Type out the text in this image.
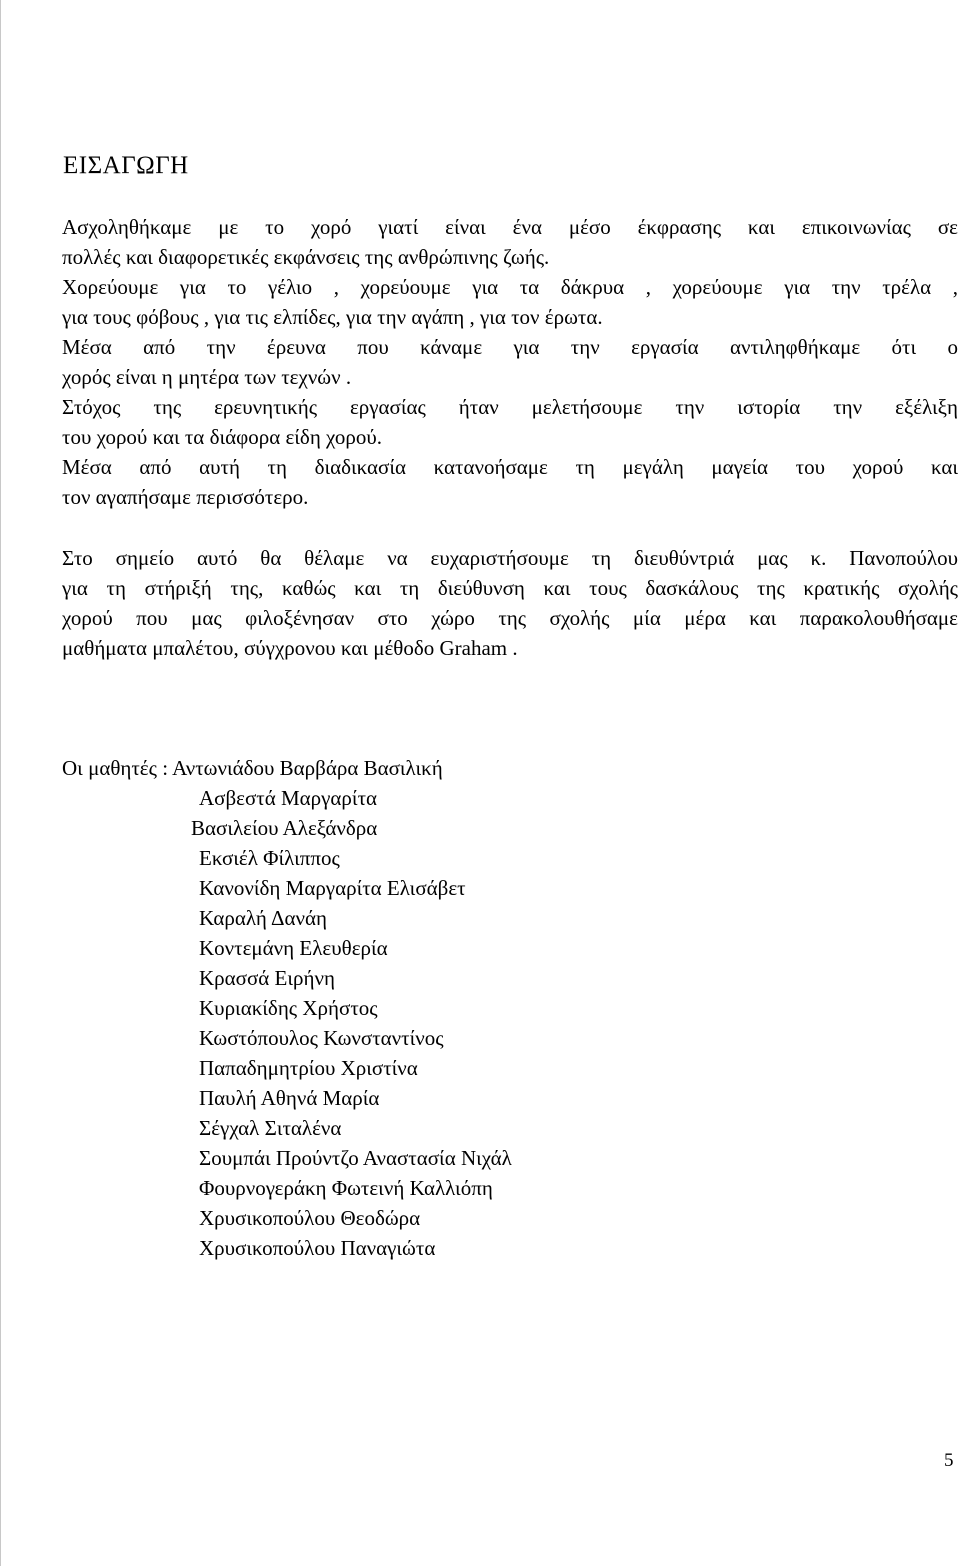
ΕΙΣΑΓΩΓΗ
Ασχοληθήκαμε με το χορό γιατί είναι ένα μέσο έκφρασης και επικοινωνίας σε
πολλές και διαφορετικές εκφάνσεις της ανθρώπινης ζωής.
Χορεύουμε για το γέλιο , χορεύουμε για τα δάκρυα , χορεύουμε για την τρέλα ,
για τους φόβους , για τις ελπίδες, για την αγάπη , για τον έρωτα.
Μέσα από την έρευνα που κάναμε για την εργασία αντιληφθήκαμε ότι ο
χορός είναι η μητέρα των τεχνών .
Στόχος της ερευνητικής εργασίας ήταν μελετήσουμε την ιστορία την εξέλιξη
του χορού και τα διάφορα είδη χορού.
Μέσα από αυτή τη διαδικασία κατανοήσαμε τη μεγάλη μαγεία του χορού και
τον αγαπήσαμε περισσότερο.
Στο σημείο αυτό θα θέλαμε να ευχαριστήσουμε τη διευθύντριά μας κ. Πανοπούλου
για τη στήριξή της, καθώς και τη διεύθυνση και τους δασκάλους της κρατικής σχολής
χορού που μας φιλοξένησαν στο χώρο της σχολής μία μέρα και παρακολουθήσαμε
μαθήματα μπαλέτου, σύγχρονου και μέθοδο Graham .
Οι μαθητές : Αντωνιάδου Βαρβάρα Βασιλική
Ασβεστά Μαργαρίτα
Βασιλείου Αλεξάνδρα
Εκσιέλ Φίλιππος
Κανονίδη Μαργαρίτα Ελισάβετ
Καραλή Δανάη
Κοντεμάνη Ελευθερία
Κρασσά Ειρήνη
Κυριακίδης Χρήστος
Κωστόπουλος Κωνσταντίνος
Παπαδημητρίου Χριστίνα
Παυλή Αθηνά Μαρία
Σέγχαλ Σιταλένα
Σουμπάι Προύντζο Αναστασία Νιχάλ
Φουρνογεράκη Φωτεινή Καλλιόπη
Χρυσικοπούλου Θεοδώρα
Χρυσικοπούλου Παναγιώτα
5
